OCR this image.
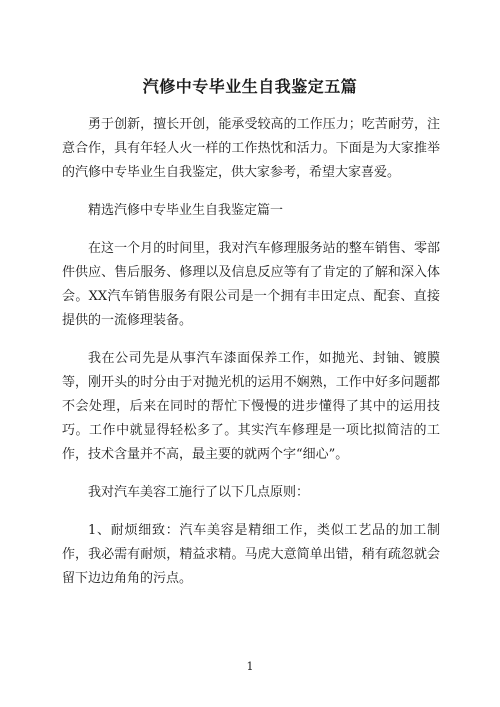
汽修中专毕业生自我鉴定五篇

勇于创新，擅长开创，能承受较高的工作压力；吃苦耐劳，注意合作，具有年轻人火一样的工作热忱和活力。下面是为大家推举的汽修中专毕业生自我鉴定，供大家参考，希望大家喜爱。

精选汽修中专毕业生自我鉴定篇一

在这一个月的时间里，我对汽车修理服务站的整车销售、零部件供应、售后服务、修理以及信息反应等有了肯定的了解和深入体会。XX汽车销售服务有限公司是一个拥有丰田定点、配套、直接提供的一流修理装备。

我在公司先是从事汽车漆面保养工作，如抛光、封铀、镀膜等，刚开头的时分由于对抛光机的运用不娴熟，工作中好多问题都不会处理，后来在同时的帮忙下慢慢的进步懂得了其中的运用技巧。工作中就显得轻松多了。其实汽车修理是一项比拟简洁的工作，技术含量并不高，最主要的就两个字“细心”。

我对汽车美容工施行了以下几点原则：

1、耐烦细致：汽车美容是精细工作，类似工艺品的加工制作，我必需有耐烦，精益求精。马虎大意简单出错，稍有疏忽就会留下边边角角的污点。

1
